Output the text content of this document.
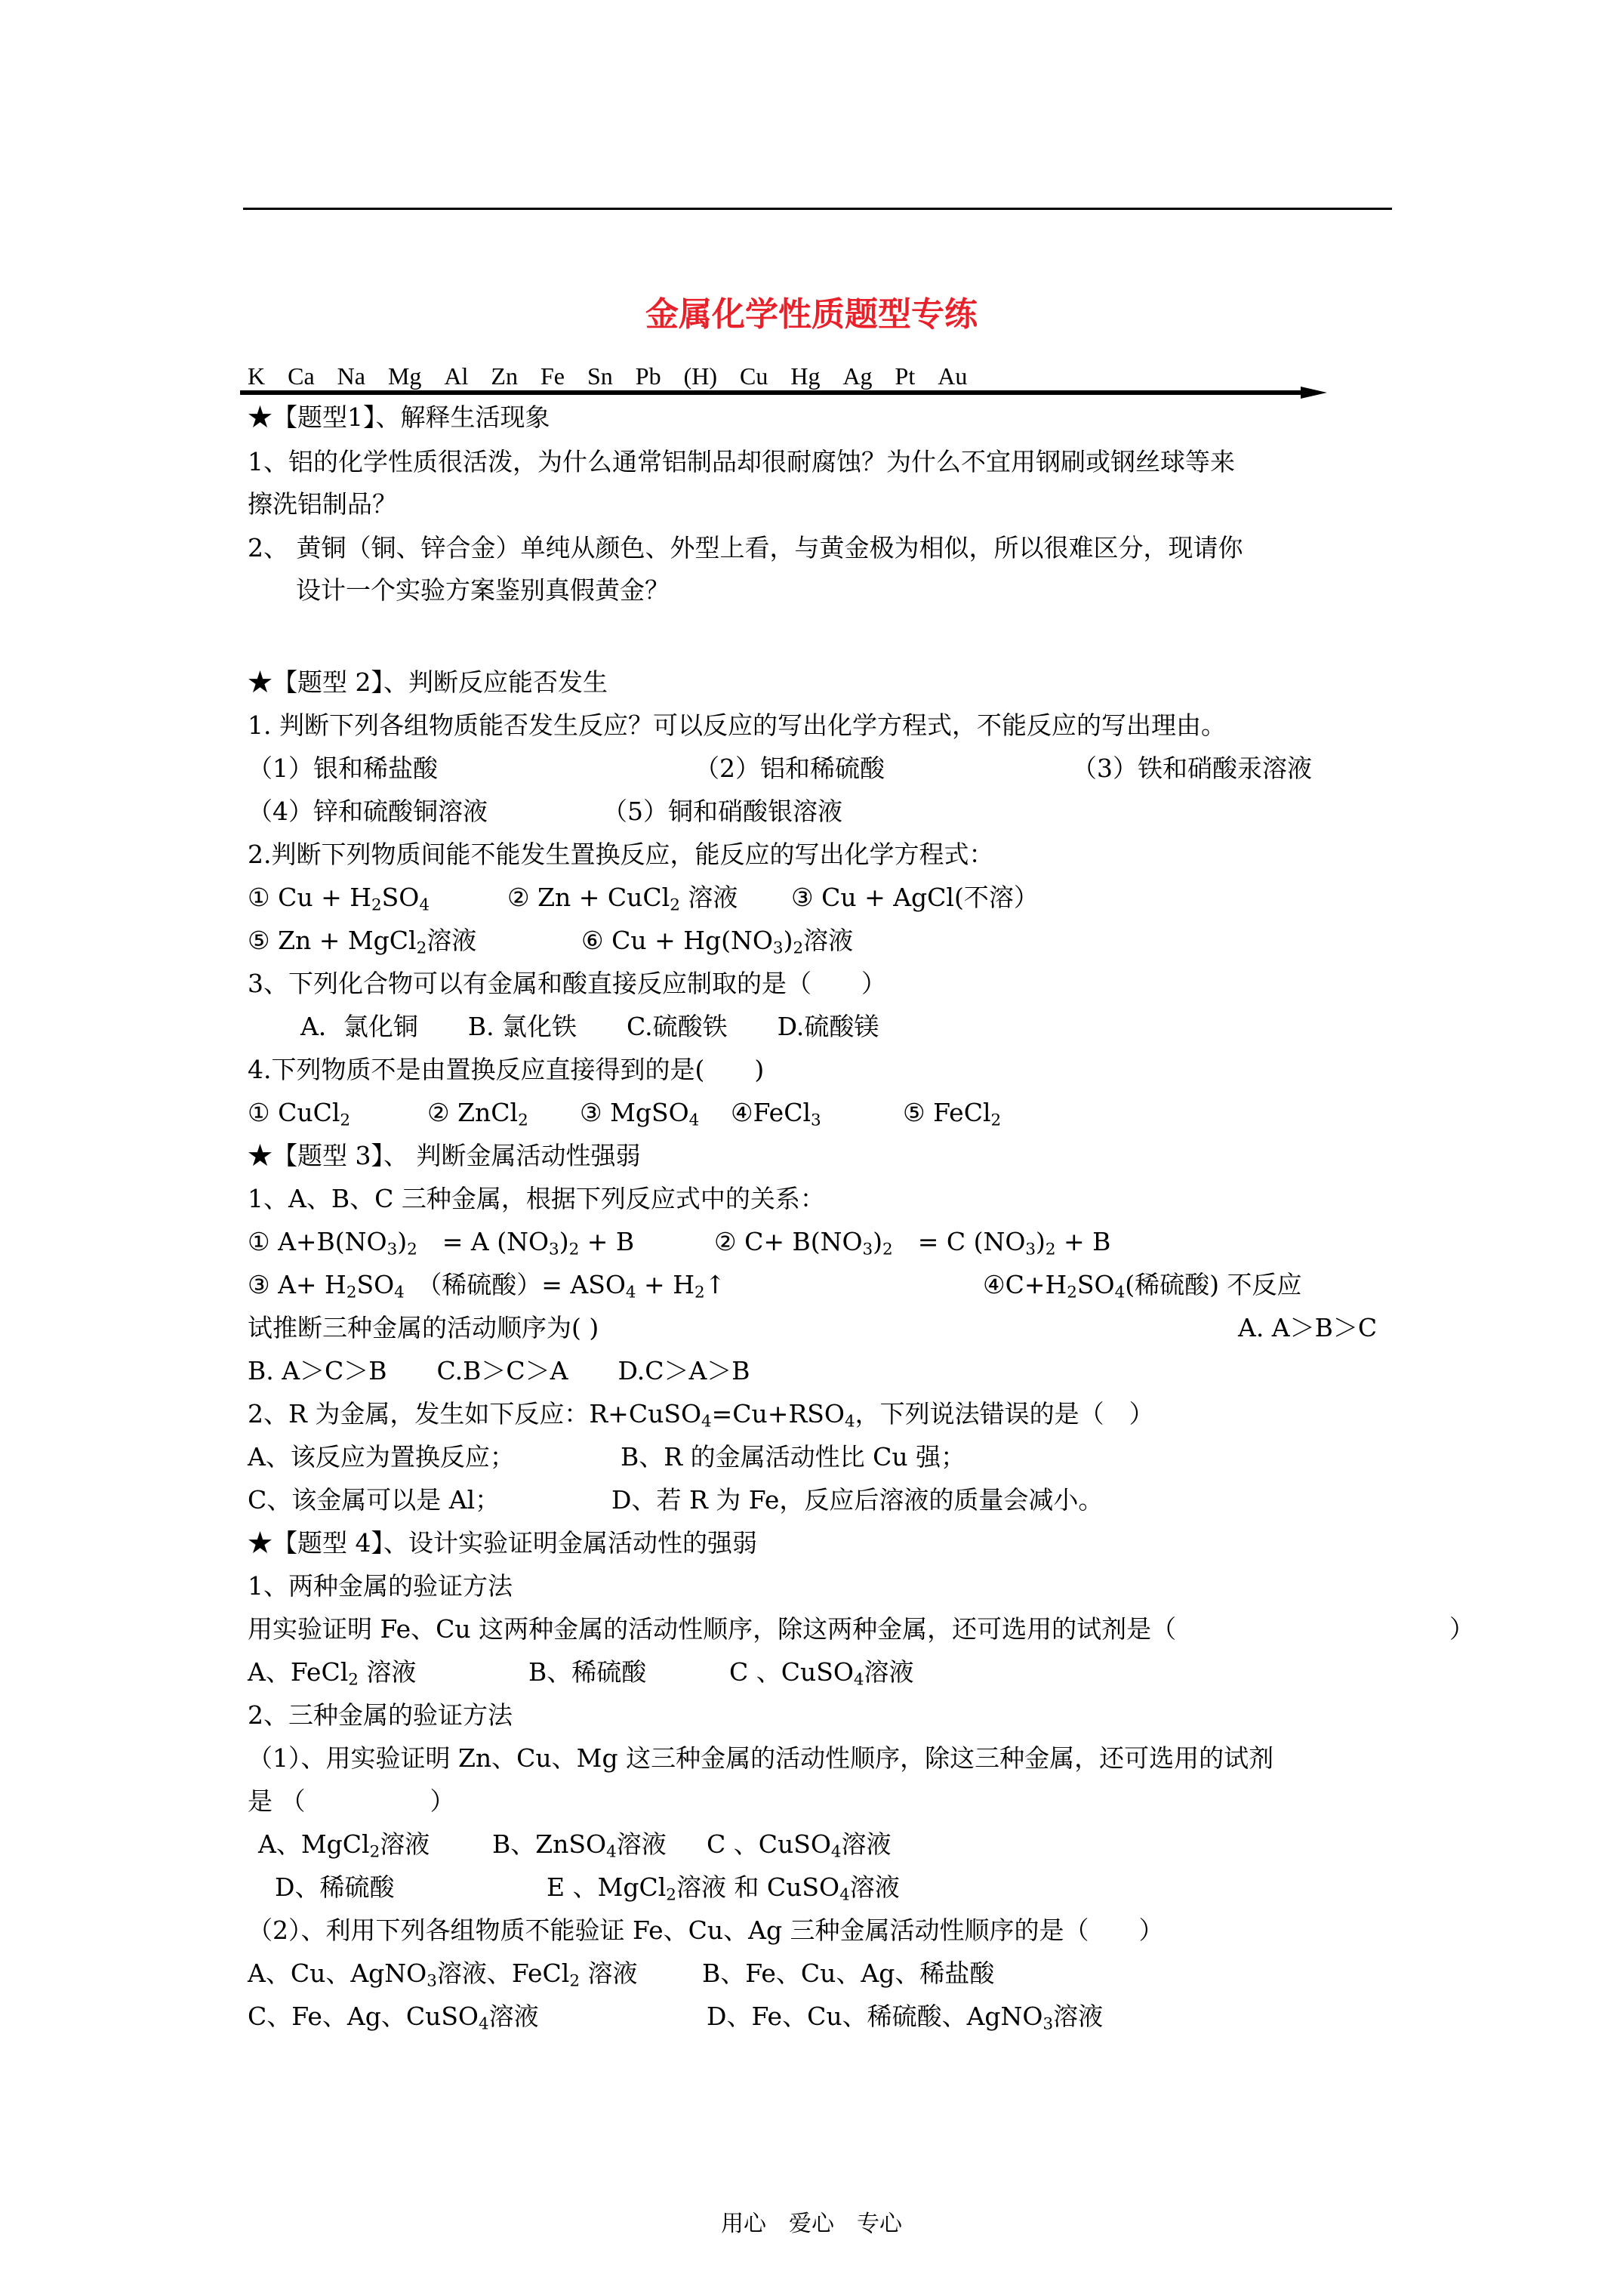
金属化学性质题型专练
K Ca Na Mg Al Zn Fe Sn Pb (H) Cu Hg Ag Pt Au
★【题型1】、解释生活现象
1、铝的化学性质很活泼，为什么通常铝制品却很耐腐蚀？为什么不宜用钢刷或钢丝球等来
擦洗铝制品？
2、 黄铜（铜、锌合金）单纯从颜色、外型上看，与黄金极为相似，所以很难区分，现请你
设计一个实验方案鉴别真假黄金？
★【题型 2】、判断反应能否发生
1. 判断下列各组物质能否发生反应？可以反应的写出化学方程式，不能反应的写出理由。
（1）银和稀盐酸	（2）铝和稀硫酸	（3）铁和硝酸汞溶液
（4）锌和硫酸铜溶液	（5）铜和硝酸银溶液
2.判断下列物质间能不能发生置换反应，能反应的写出化学方程式：
① $Cu + H_2SO_4$	② Zn + CuCl$_2$ 溶液 ③ Cu + AgCl(不溶）
⑤ Zn + MgCl$_2$溶液	⑥ $Cu + Hg(NO_3)_2$溶液
3、下列化合物可以有金属和酸直接反应制取的是（　　）
A．氯化铜　　B. 氯化铁　　C.硫酸铁　　D.硫酸镁
4.下列物质不是由置换反应直接得到的是(　　)
① CuCl$_2$	② ZnCl$_2$ ③ MgSO$_4$ ④FeCl$_3$	⑤ FeCl$_2$
★【题型 3】、 判断金属活动性强弱
1、A、B、C 三种金属，根据下列反应式中的关系：
① $A+B(NO_3)_2$　= A $(NO_3)_2 + B$	② $C+ B(NO_3)_2$　= C $(NO_3)_2 + B$
③ $A+ H_2SO_4$　（稀硫酸）= $ASO_4$ + $H_2↑$	$④C+H_2SO_4$(稀硫酸) 不反应
试推断三种金属的活动顺序为( )	A. A＞B＞C
B. A＞C＞B　　C.B＞C＞A　　D.C＞A＞B
2、R 为金属，发生如下反应：$R+CuSO_4=Cu+RSO_4$，下列说法错误的是（　）
A、该反应为置换反应；	B、R 的金属活动性比 Cu 强；
C、该金属可以是 Al；	D、若 R 为 Fe，反应后溶液的质量会减小。
★【题型 4】、设计实验证明金属活动性的强弱
1、两种金属的验证方法
用实验证明 Fe、Cu 这两种金属的活动性顺序，除这两种金属，还可选用的试剂是（	）
A、FeCl$_2$ 溶液	B、稀硫酸	C 、CuSO$_4$溶液
2、三种金属的验证方法
（1）、用实验证明 Zn、Cu、Mg 这三种金属的活动性顺序，除这三种金属，还可选用的试剂
是 （　　　　　）
A、MgCl$_2$溶液	B、ZnSO$_4$溶液 C 、CuSO$_4$溶液
D、稀硫酸	E 、MgCl$_2$溶液 和 CuSO$_4$溶液
（2）、利用下列各组物质不能验证 Fe、Cu、Ag 三种金属活动性顺序的是（　　）
A、Cu、AgNO$_3$溶液、FeCl$_2$ 溶液	B、Fe、Cu、Ag、稀盐酸
C、Fe、Ag、CuSO$_4$溶液	D、Fe、Cu、稀硫酸、AgNO$_3$溶液
用心　爱心　专心
